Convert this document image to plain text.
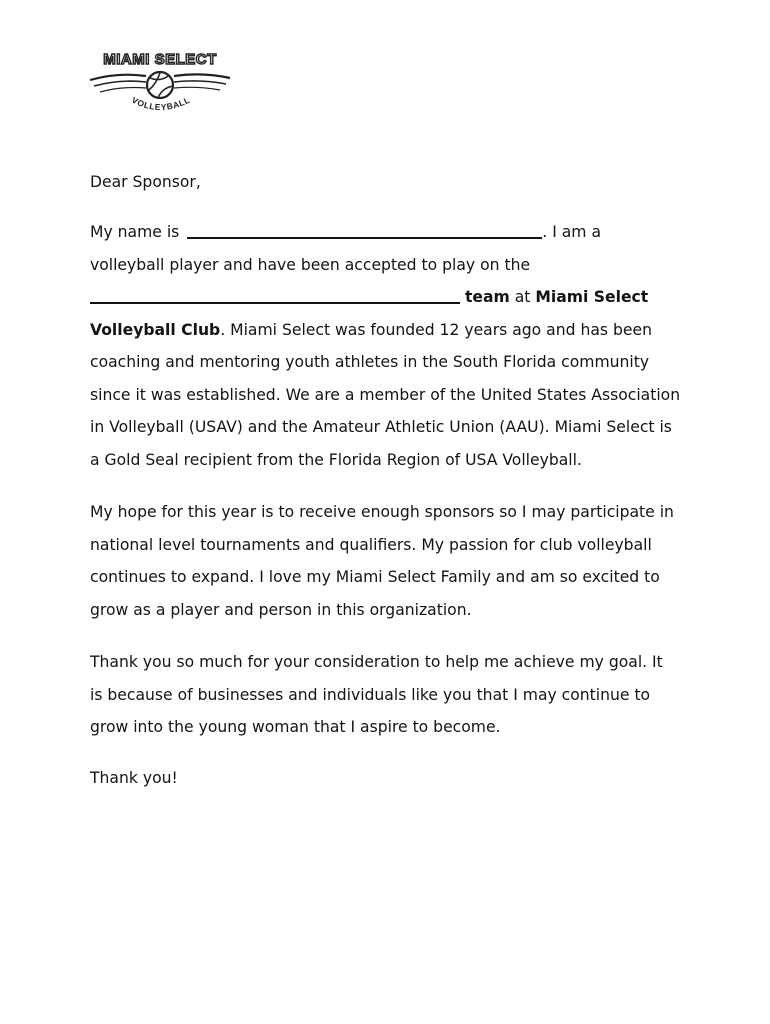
MIAMI SELECT
VOLLEYBALL

Dear Sponsor,

My name is	. I am a
volleyball player and have been accepted to play on the
team at Miami Select
Volleyball Club. Miami Select was founded 12 years ago and has been
coaching and mentoring youth athletes in the South Florida community
since it was established. We are a member of the United States Association
in Volleyball (USAV) and the Amateur Athletic Union (AAU). Miami Select is
a Gold Seal recipient from the Florida Region of USA Volleyball.

My hope for this year is to receive enough sponsors so I may participate in
national level tournaments and qualifiers. My passion for club volleyball
continues to expand. I love my Miami Select Family and am so excited to
grow as a player and person in this organization.

Thank you so much for your consideration to help me achieve my goal. It
is because of businesses and individuals like you that I may continue to
grow into the young woman that I aspire to become.

Thank you!
